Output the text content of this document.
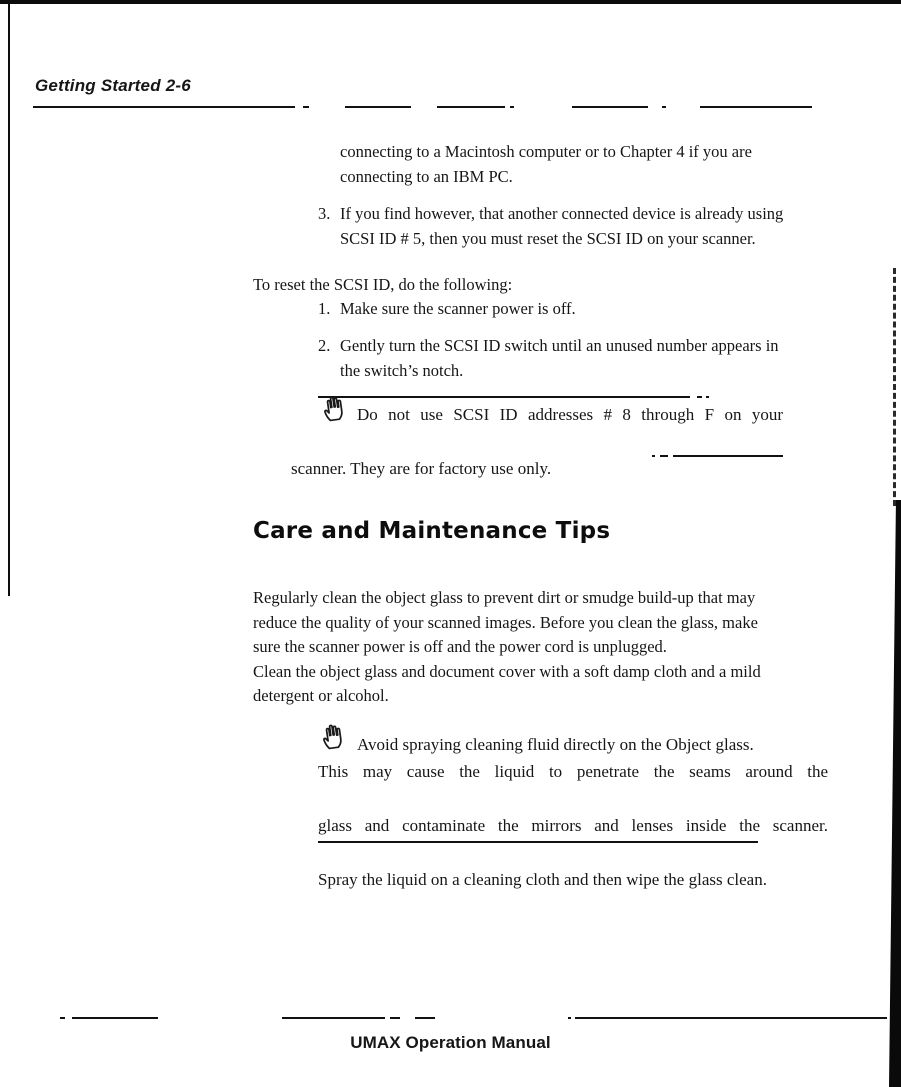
Getting Started 2-6
connecting to a Macintosh computer or to Chapter 4 if you are
connecting to an IBM PC.
3. If you find however, that another connected device is already using
SCSI ID # 5, then you must reset the SCSI ID on your scanner.
To reset the SCSI ID, do the following:
1. Make sure the scanner power is off.
2. Gently turn the SCSI ID switch until an unused number appears in
the switch’s notch.
Do not use SCSI ID addresses # 8 through F on your
scanner. They are for factory use only.
Care and Maintenance Tips
Regularly clean the object glass to prevent dirt or smudge build-up that may
reduce the quality of your scanned images. Before you clean the glass, make
sure the scanner power is off and the power cord is unplugged.
Clean the object glass and document cover with a soft damp cloth and a mild
detergent or alcohol.
Avoid spraying cleaning fluid directly on the Object glass.
This may cause the liquid to penetrate the seams around the
glass and contaminate the mirrors and lenses inside the scanner.
Spray the liquid on a cleaning cloth and then wipe the glass clean.
UMAX Operation Manual
